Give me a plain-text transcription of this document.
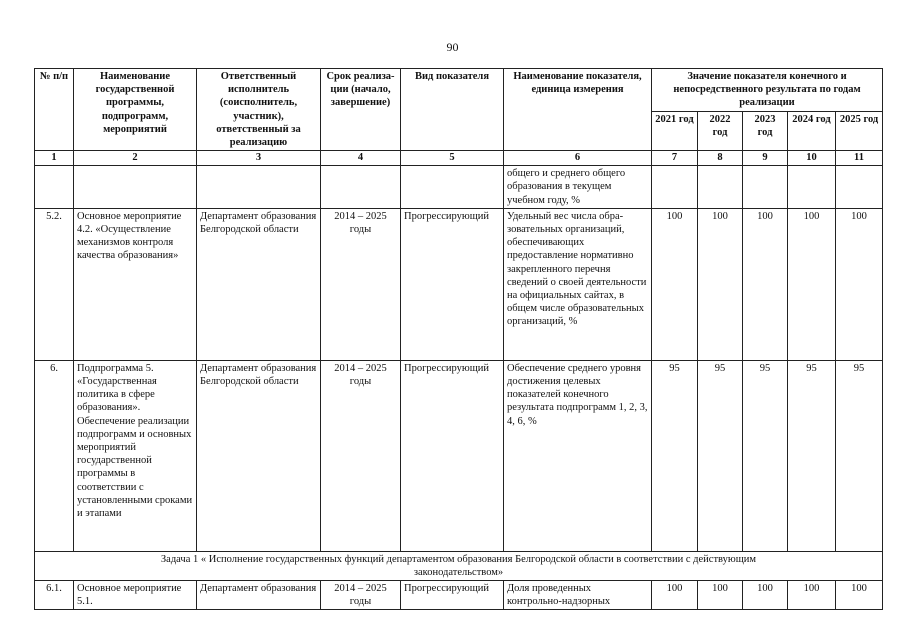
90
№ п/п	Наименование государственной программы, подпрограмм, мероприятий	Ответственный исполнитель (соисполнитель, участник), ответственный за реализацию	Срок реализа-ции (начало, завершение)	Вид показателя	Наименование показателя, единица измерения	Значение показателя конечного и непосредственного результата по годам реализации				
						2021 год	2022 год	2023 год	2024 год	2025 год
1	2	3	4	5	6	7	8	9	10	11
					общего и среднего общего образования в текущем учебном году, %					
5.2.	Основное мероприятие 4.2. «Осуществление механизмов контроля качества образования»	Департамент образования Белгородской области	2014 – 2025 годы	Прогрессирующий	Удельный вес числа обра-зовательных организаций, обеспечивающих предоставление нормативно закрепленного перечня сведений о своей деятельности на официальных сайтах, в общем числе образовательных организаций, %	100	100	100	100	100
6.	Подпрограмма 5. «Государственная политика в сфере образования». Обеспечение реализации подпрограмм и основных мероприятий государственной программы в соответствии с установленными сроками и этапами	Департамент образования Белгородской области	2014 – 2025 годы	Прогрессирующий	Обеспечение среднего уровня достижения целевых показателей конечного результата подпрограмм 1, 2, 3, 4, 6, %	95	95	95	95	95
Задача 1 « Исполнение государственных функций департаментом образования Белгородской области в соответствии с действующим законодательством»										
6.1.	Основное мероприятие 5.1.	Департамент образования	2014 – 2025 годы	Прогрессирующий	Доля проведенных контрольно-надзорных	100	100	100	100	100
